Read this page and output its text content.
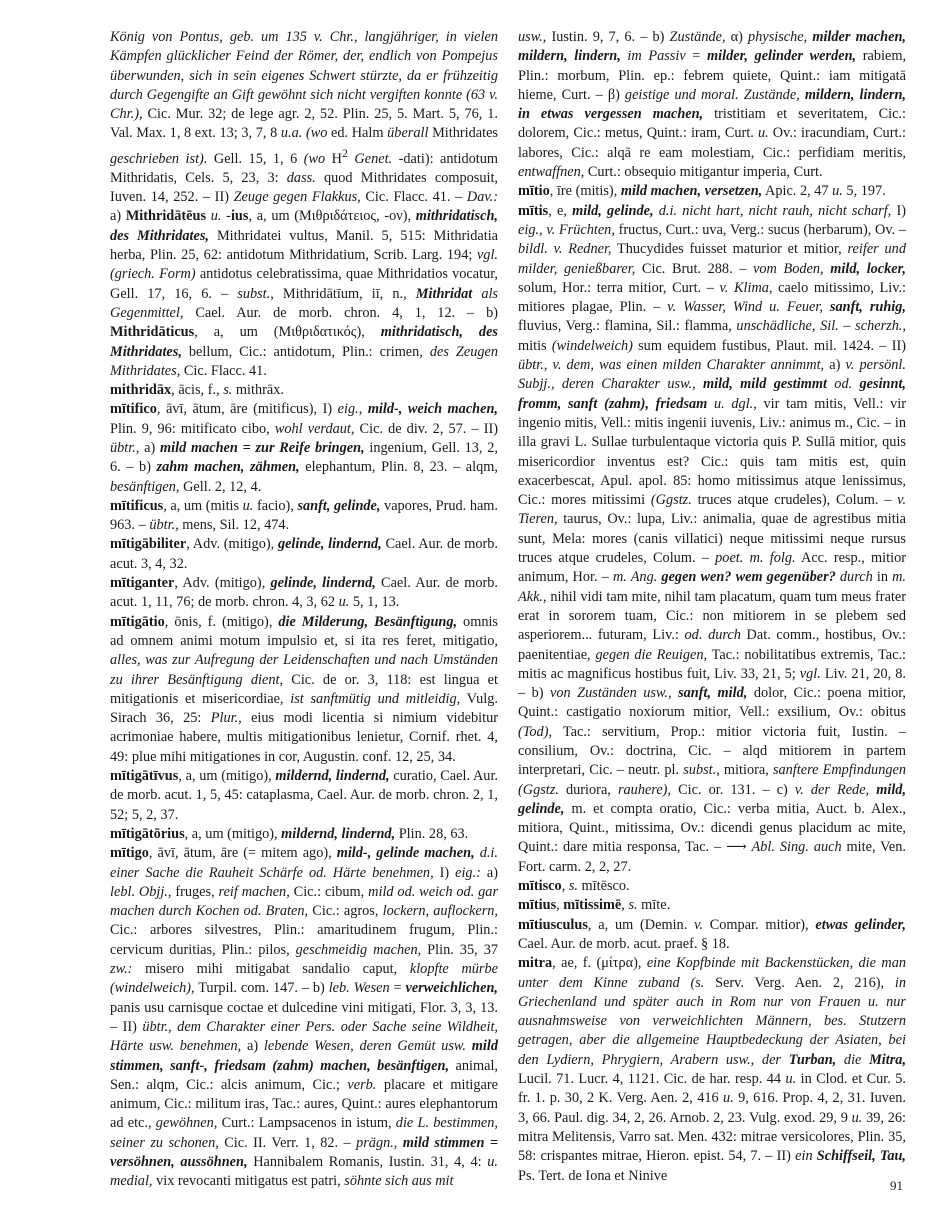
König von Pontus, geb. um 135 v. Chr., langjähriger, in vielen Kämpfen glücklicher Feind der Römer, der, endlich von Pompejus überwunden, sich in sein eigenes Schwert stürzte, da er frühzeitig durch Gegengifte an Gift gewöhnt sich nicht vergiften konnte (63 v. Chr.), Cic. Mur. 32; de lege agr. 2, 52. Plin. 25, 5. Mart. 5, 76, 1. Val. Max. 1, 8 ext. 13; 3, 7, 8 u.a. (wo ed. Halm überall Mithridates geschrieben ist). Gell. 15, 1, 6 (wo $H^2$ Genet. -dati): antidotum Mithridatis, Cels. 5, 23, 3: dass. quod Mithridates composuit, Iuven. 14, 252. – II) Zeuge gegen Flakkus, Cic. Flacc. 41. – Dav.: a) Mithridātēus u. -ius, a, um (Μιθριδάτειος, -ον), mithridatisch, des Mithridates, Mithridatei vultus, Manil. 5, 515: Mithridatia herba, Plin. 25, 62: antidotum Mithridatium, Scrib. Larg. 194; vgl. (griech. Form) antidotus celebratissima, quae Mithridatios vocatur, Gell. 17, 16, 6. – subst., Mithridātīum, iī, n., Mithridat als Gegenmittel, Cael. Aur. de morb. chron. 4, 1, 12. – b) Mithridāticus, a, um (Μιθριδατικός), mithridatisch, des Mithridates, bellum, Cic.: antidotum, Plin.: crimen, des Zeugen Mithridates, Cic. Flacc. 41.

mithridāx, ācis, f., s. mithrāx.

mītifico, āvī, ātum, āre (mitificus), I) eig., mild-, weich machen, Plin. 9, 96: mitificato cibo, wohl verdaut, Cic. de div. 2, 57. – II) übtr., a) mild machen = zur Reife bringen, ingenium, Gell. 13, 2, 6. – b) zahm machen, zähmen, elephantum, Plin. 8, 23. – alqm, besänftigen, Gell. 2, 12, 4.

mītificus, a, um (mitis u. facio), sanft, gelinde, vapores, Prud. ham. 963. – übtr., mens, Sil. 12, 474.

mītigābiliter, Adv. (mitigo), gelinde, lindernd, Cael. Aur. de morb. acut. 3, 4, 32.

mītiganter, Adv. (mitigo), gelinde, lindernd, Cael. Aur. de morb. acut. 1, 11, 76; de morb. chron. 4, 3, 62 u. 5, 1, 13.

mītigātio, ōnis, f. (mitigo), die Milderung, Besänftigung, omnis ad omnem animi motum impulsio et, si ita res feret, mitigatio, alles, was zur Aufregung der Leidenschaften und nach Umständen zu ihrer Besänftigung dient, Cic. de or. 3, 118: est lingua et mitigationis et misericordiae, ist sanftmütig und mitleidig, Vulg. Sirach 36, 25: Plur., eius modi licentia si nimium videbitur acrimoniae habere, multis mitigationibus lenietur, Cornif. rhet. 4, 49: plue mihi mitigationes in cor, Augustin. conf. 12, 25, 34.

mītigātīvus, a, um (mitigo), mildernd, lindernd, curatio, Cael. Aur. de morb. acut. 1, 5, 45: cataplasma, Cael. Aur. de morb. chron. 2, 1, 52; 5, 2, 37.

mītigātōrius, a, um (mitigo), mildernd, lindernd, Plin. 28, 63.

mītigo, āvī, ātum, āre (= mitem ago), mild-, gelinde machen, d.i. einer Sache die Rauheit Schärfe od. Härte benehmen, I) eig.: a) lebl. Objj., fruges, reif machen, Cic.: cibum, mild od. weich od. gar machen durch Kochen od. Braten, Cic.: agros, lockern, auflockern, Cic.: arbores silvestres, Plin.: amaritudinem frugum, Plin.: cervicum duritias, Plin.: pilos, geschmeidig machen, Plin. 35, 37 zw.: misero mihi mitigabat sandalio caput, klopfte mürbe (windelweich), Turpil. com. 147. – b) leb. Wesen = verweichlichen, panis usu carnisque coctae et dulcedine vini mitigati, Flor. 3, 3, 13. – II) übtr., dem Charakter einer Pers. oder Sache seine Wildheit, Härte usw. benehmen, a) lebende Wesen, deren Gemüt usw. mild stimmen, sanft-, friedsam (zahm) machen, besänftigen, animal, Sen.: alqm, Cic.: alcis animum, Cic.; verb. placare et mitigare animum, Cic.: militum iras, Tac.: aures, Quint.: aures elephantorum ad etc., gewöhnen, Curt.: Lampsacenos in istum, die L. bestimmen, seiner zu schonen, Cic. II. Verr. 1, 82. – prägn., mild stimmen = versöhnen, aussöhnen, Hannibalem Romanis, Iustin. 31, 4, 4: u. medial, vix revocanti mitigatus est patri, söhnte sich aus mit

usw., Iustin. 9, 7, 6. – b) Zustände, α) physische, milder machen, mildern, lindern, im Passiv = milder, gelinder werden, rabiem, Plin.: morbum, Plin. ep.: febrem quiete, Quint.: iam mitigatā hieme, Curt. – β) geistige und moral. Zustände, mildern, lindern, in etwas vergessen machen, tristitiam et severitatem, Cic.: dolorem, Cic.: metus, Quint.: iram, Curt. u. Ov.: iracundiam, Curt.: labores, Cic.: alqā re eam molestiam, Cic.: perfidiam meritis, entwaffnen, Curt.: obsequio mitigantur imperia, Curt.

mītio, īre (mitis), mild machen, versetzen, Apic. 2, 47 u. 5, 197.

mītis, e, mild, gelinde, d.i. nicht hart, nicht rauh, nicht scharf, I) eig., v. Früchten, fructus, Curt.: uva, Verg.: sucus (herbarum), Ov. – bildl. v. Redner, Thucydides fuisset maturior et mitior, reifer und milder, genießbarer, Cic. Brut. 288. – vom Boden, mild, locker, solum, Hor.: terra mitior, Curt. – v. Klima, caelo mitissimo, Liv.: mitiores plagae, Plin. – v. Wasser, Wind u. Feuer, sanft, ruhig, fluvius, Verg.: flamina, Sil.: flamma, unschädliche, Sil. – scherzh., mitis (windelweich) sum equidem fustibus, Plaut. mil. 1424. – II) übtr., v. dem, was einen milden Charakter annimmt, a) v. persönl. Subjj., deren Charakter usw., mild, mild gestimmt od. gesinnt, fromm, sanft (zahm), friedsam u. dgl., vir tam mitis, Vell.: vir ingenio mitis, Vell.: mitis ingenii iuvenis, Liv.: animus m., Cic. – in illa gravi L. Sullae turbulentaque victoria quis P. Sullā mitior, quis misericordior inventus est? Cic.: quis tam mitis est, quin exacerbescat, Apul. apol. 85: homo mitissimus atque lenissimus, Cic.: mores mitissimi (Ggstz. truces atque crudeles), Colum. – v. Tieren, taurus, Ov.: lupa, Liv.: animalia, quae de agrestibus mitia sunt, Mela: mores (canis villatici) neque mitissimi neque rursus truces atque crudeles, Colum. – poet. m. folg. Acc. resp., mitior animum, Hor. – m. Ang. gegen wen? wem gegenüber? durch in m. Akk., nihil vidi tam mite, nihil tam placatum, quam tum meus frater erat in sororem tuam, Cic.: non mitiorem in se plebem sed asperiorem... futuram, Liv.: od. durch Dat. comm., hostibus, Ov.: paenitentiae, gegen die Reuigen, Tac.: nobilitatibus extremis, Tac.: mitis ac magnificus hostibus fuit, Liv. 33, 21, 5; vgl. Liv. 21, 20, 8. – b) von Zuständen usw., sanft, mild, dolor, Cic.: poena mitior, Quint.: castigatio noxiorum mitior, Vell.: exsilium, Ov.: obitus (Tod), Tac.: servitium, Prop.: mitior victoria fuit, Iustin. – consilium, Ov.: doctrina, Cic. – alqd mitiorem in partem interpretari, Cic. – neutr. pl. subst., mitiora, sanftere Empfindungen (Ggstz. duriora, rauhere), Cic. or. 131. – c) v. der Rede, mild, gelinde, m. et compta oratio, Cic.: verba mitia, Auct. b. Alex., mitiora, Quint., mitissima, Ov.: dicendi genus placidum ac mite, Quint.: dare mitia responsa, Tac. – ⟶ Abl. Sing. auch mite, Ven. Fort. carm. 2, 2, 27.

mītisco, s. mītēsco.

mītius, mītissimē, s. mīte.

mītiusculus, a, um (Demin. v. Compar. mitior), etwas gelinder, Cael. Aur. de morb. acut. praef. § 18.

mitra, ae, f. (μίτρα), eine Kopfbinde mit Backenstücken, die man unter dem Kinne zuband (s. Serv. Verg. Aen. 2, 216), in Griechenland und später auch in Rom nur von Frauen u. nur ausnahmsweise von verweichlichten Männern, bes. Stutzern getragen, aber die allgemeine Hauptbedeckung der Asiaten, bei den Lydiern, Phrygiern, Arabern usw., der Turban, die Mitra, Lucil. 71. Lucr. 4, 1121. Cic. de har. resp. 44 u. in Clod. et Cur. 5. fr. 1. p. 30, 2 K. Verg. Aen. 2, 416 u. 9, 616. Prop. 4, 2, 31. Iuven. 3, 66. Paul. dig. 34, 2, 26. Arnob. 2, 23. Vulg. exod. 29, 9 u. 39, 26: mitra Melitensis, Varro sat. Men. 432: mitrae versicolores, Plin. 35, 58: crispantes mitrae, Hieron. epist. 54, 7. – II) ein Schiffseil, Tau, Ps. Tert. de Iona et Ninive

91
